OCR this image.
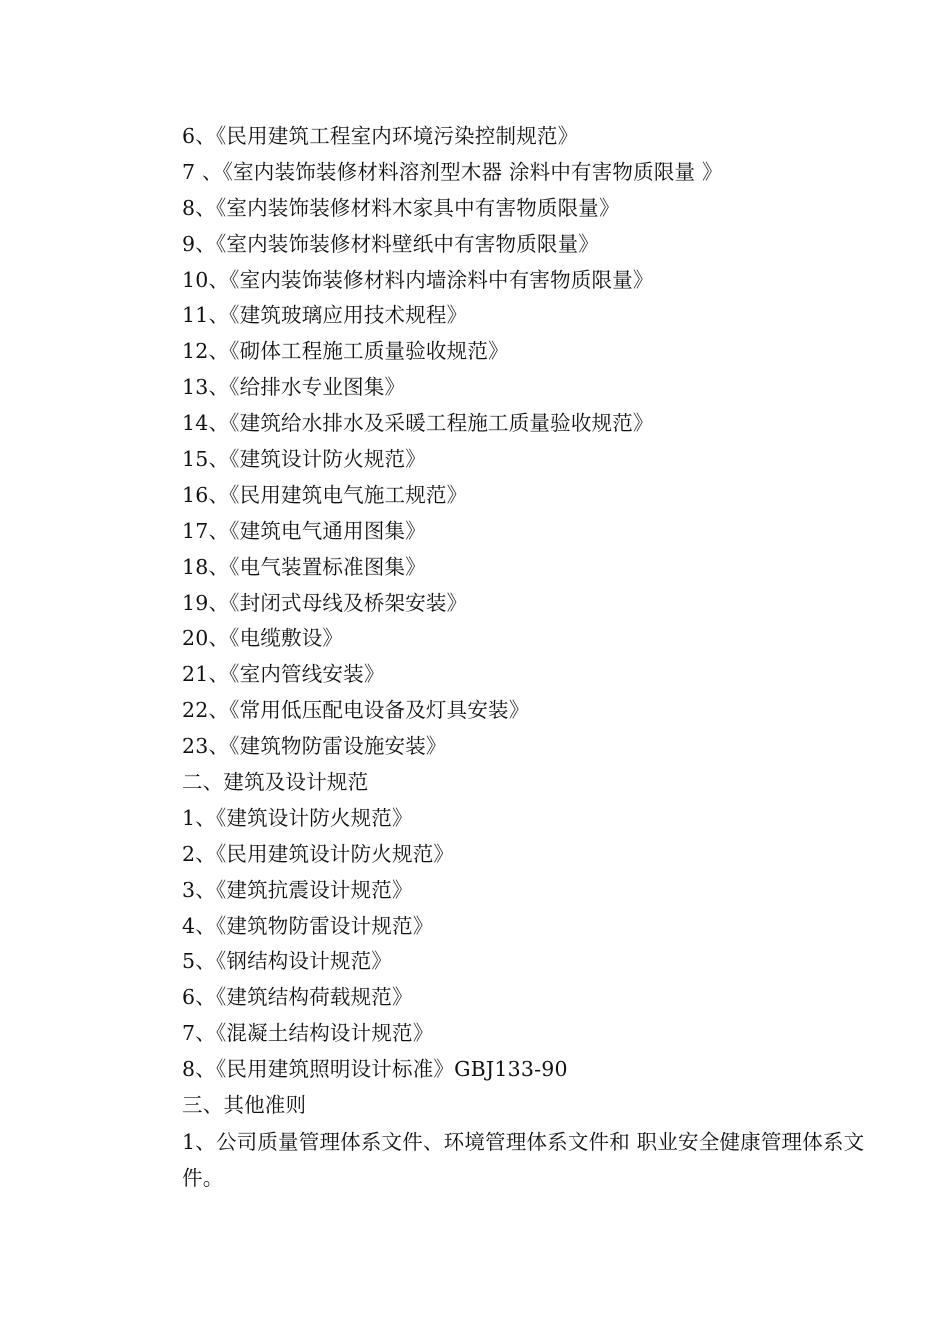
6、《民用建筑工程室内环境污染控制规范》
7 、《室内装饰装修材料溶剂型木器 涂料中有害物质限量 》
8、《室内装饰装修材料木家具中有害物质限量》
9、《室内装饰装修材料壁纸中有害物质限量》
10、《室内装饰装修材料内墙涂料中有害物质限量》
11、《建筑玻璃应用技术规程》
12、《砌体工程施工质量验收规范》
13、《给排水专业图集》
14、《建筑给水排水及采暖工程施工质量验收规范》
15、《建筑设计防火规范》
16、《民用建筑电气施工规范》
17、《建筑电气通用图集》
18、《电气装置标准图集》
19、《封闭式母线及桥架安装》
20、《电缆敷设》
21、《室内管线安装》
22、《常用低压配电设备及灯具安装》
23、《建筑物防雷设施安装》
二、建筑及设计规范
1、《建筑设计防火规范》
2、《民用建筑设计防火规范》
3、《建筑抗震设计规范》
4、《建筑物防雷设计规范》
5、《钢结构设计规范》
6、《建筑结构荷载规范》
7、《混凝土结构设计规范》
8、《民用建筑照明设计标准》GBJ133-90
三、其他准则
1、公司质量管理体系文件、环境管理体系文件和 职业安全健康管理体系文件。
